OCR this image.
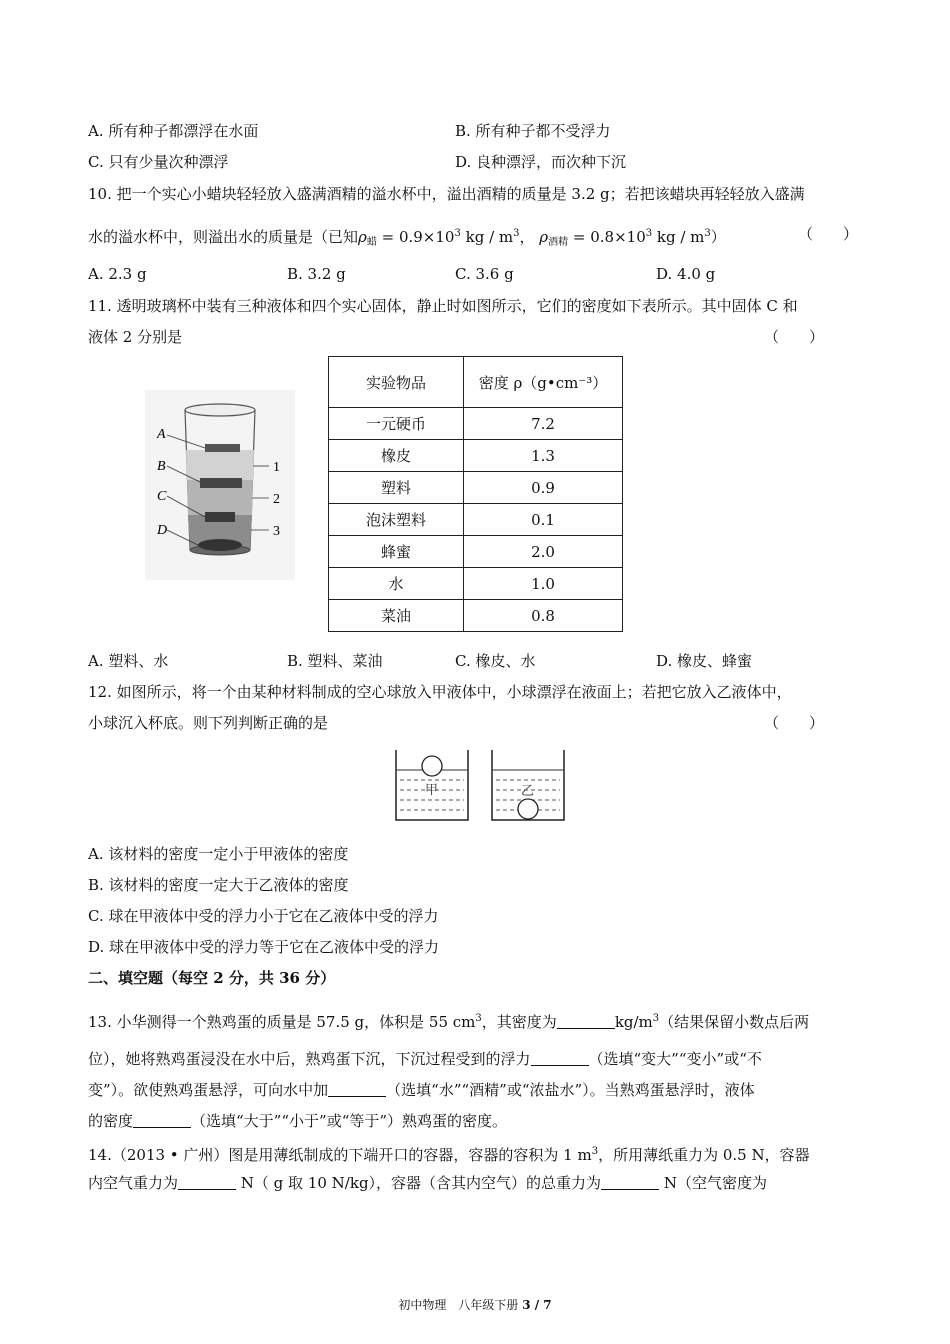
A. 所有种子都漂浮在水面	B. 所有种子都不受浮力
C. 只有少量次种漂浮	D. 良种漂浮，而次种下沉
10. 把一个实心小蜡块轻轻放入盛满酒精的溢水杯中，溢出酒精的质量是 3.2 g；若把该蜡块再轻轻放入盛满
水的溢水杯中，则溢出水的质量是（已知$\rho_蜡 = 0.9\times 10^3$ kg / $m^3$， $\rho_{酒精} = 0.8\times 10^3$ kg / $m^3$）	（　　）
A. 2.3 g	B. 3.2 g	C. 3.6 g	D. 4.0 g
11. 透明玻璃杯中装有三种液体和四个实心固体，静止时如图所示，它们的密度如下表所示。其中固体 C 和
液体 2 分别是	（　　）
A
B
C
D
1
2
3
实验物品	密度 ρ（g•cm⁻³）
一元硬币	7.2
橡皮	1.3
塑料	0.9
泡沫塑料	0.1
蜂蜜	2.0
水	1.0
菜油	0.8
A. 塑料、水	B. 塑料、菜油	C. 橡皮、水	D. 橡皮、蜂蜜
12. 如图所示，将一个由某种材料制成的空心球放入甲液体中，小球漂浮在液面上；若把它放入乙液体中，
小球沉入杯底。则下列判断正确的是	（　　）
甲	乙
A. 该材料的密度一定小于甲液体的密度
B. 该材料的密度一定大于乙液体的密度
C. 球在甲液体中受的浮力小于它在乙液体中受的浮力
D. 球在甲液体中受的浮力等于它在乙液体中受的浮力
二、填空题（每空 2 分，共 36 分）
13. 小华测得一个熟鸡蛋的质量是 57.5 g，体积是 55 $cm^3$，其密度为	$kg/m^3$（结果保留小数点后两
位），她将熟鸡蛋浸没在水中后，熟鸡蛋下沉，下沉过程受到的浮力	（选填“变大”“变小”或“不
变”）。欲使熟鸡蛋悬浮，可向水中加	（选填“水”“酒精”或“浓盐水”）。当熟鸡蛋悬浮时，液体
的密度	（选填“大于”“小于”或“等于”）熟鸡蛋的密度。
14.（2013 • 广州）图是用薄纸制成的下端开口的容器，容器的容积为 1 $m^3$，所用薄纸重力为 0.5 N，容器
内空气重力为	N（ g 取 10 N/kg），容器（含其内空气）的总重力为	N（空气密度为
初中物理　八年级下册 3 / 7
